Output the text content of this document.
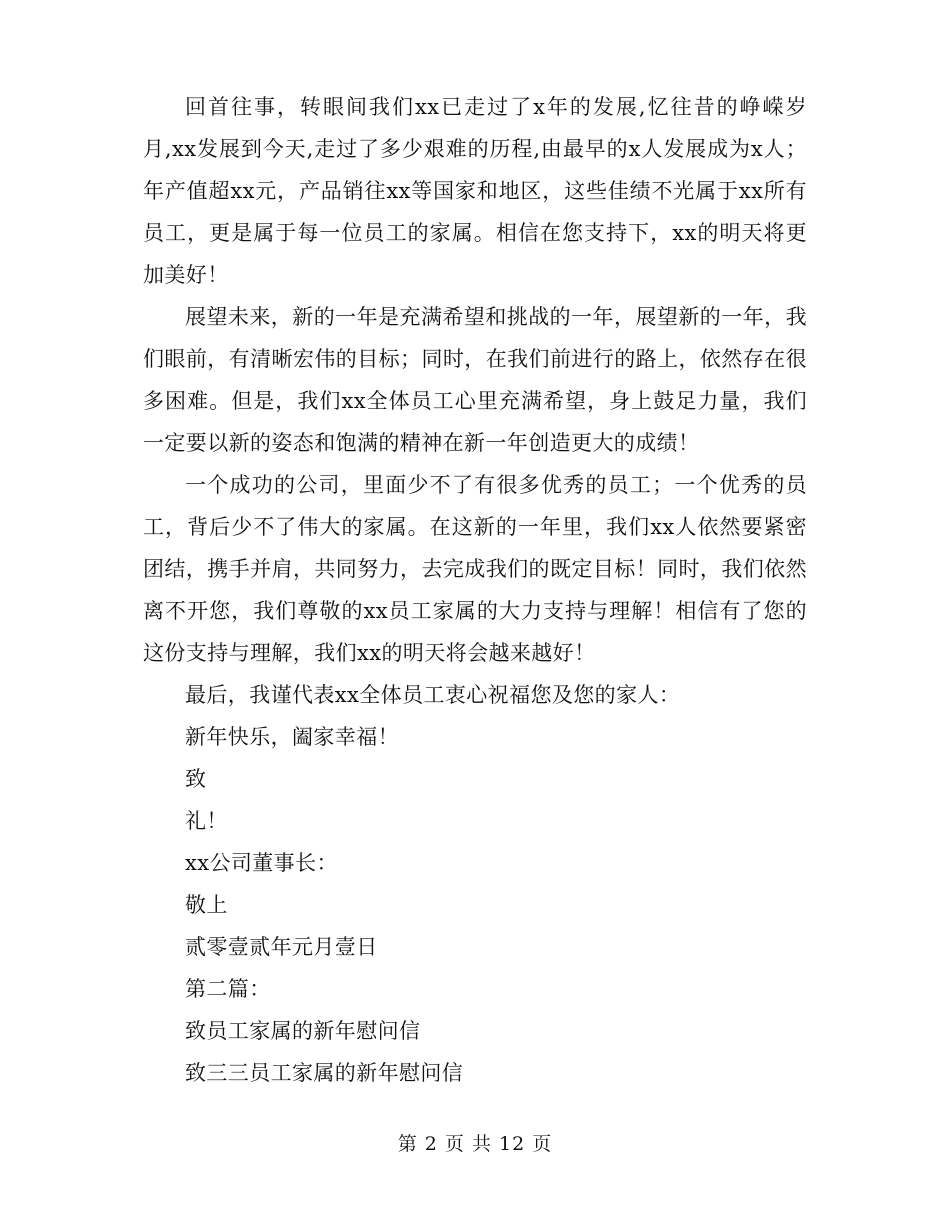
回首往事，转眼间我们xx已走过了x年的发展,忆往昔的峥嵘岁月,xx发展到今天,走过了多少艰难的历程,由最早的x人发展成为x人；年产值超xx元，产品销往xx等国家和地区，这些佳绩不光属于xx所有员工，更是属于每一位员工的家属。相信在您支持下，xx的明天将更加美好！

展望未来，新的一年是充满希望和挑战的一年，展望新的一年，我们眼前，有清晰宏伟的目标；同时，在我们前进行的路上，依然存在很多困难。但是，我们xx全体员工心里充满希望，身上鼓足力量，我们一定要以新的姿态和饱满的精神在新一年创造更大的成绩！

一个成功的公司，里面少不了有很多优秀的员工；一个优秀的员工，背后少不了伟大的家属。在这新的一年里，我们xx人依然要紧密团结，携手并肩，共同努力，去完成我们的既定目标！同时，我们依然离不开您，我们尊敬的xx员工家属的大力支持与理解！相信有了您的这份支持与理解，我们xx的明天将会越来越好！

最后，我谨代表xx全体员工衷心祝福您及您的家人：

新年快乐，阖家幸福！

致

礼！

xx公司董事长：

敬上

贰零壹贰年元月壹日

第二篇：

致员工家属的新年慰问信

致三三员工家属的新年慰问信

第 2 页 共 12 页
